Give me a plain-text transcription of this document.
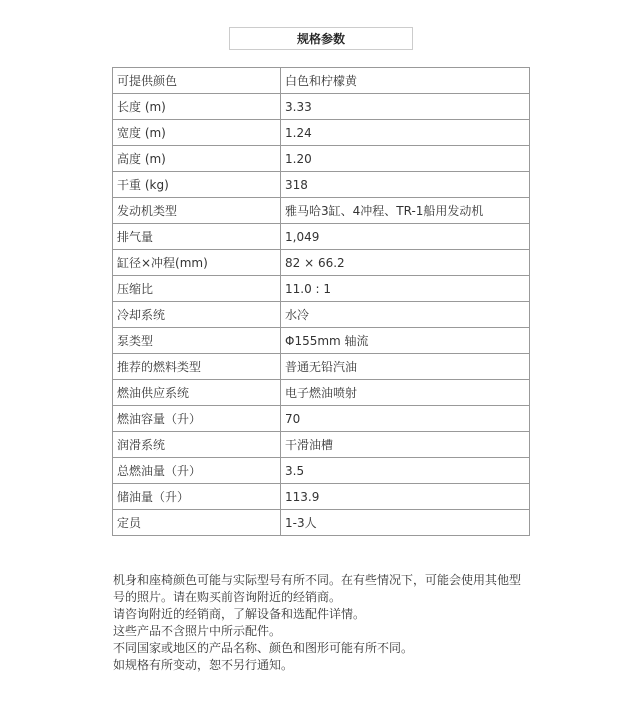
规格参数
可提供颜色	白色和柠檬黄
长度 (m)	3.33
宽度 (m)	1.24
高度 (m)	1.20
干重 (kg)	318
发动机类型	雅马哈3缸、4冲程、TR-1船用发动机
排气量	1,049
缸径×冲程(mm)	82 × 66.2
压缩比	11.0 : 1
冷却系统	水冷
泵类型	Φ155mm 轴流
推荐的燃料类型	普通无铅汽油
燃油供应系统	电子燃油喷射
燃油容量（升）	70
润滑系统	干滑油槽
总燃油量（升）	3.5
储油量（升）	113.9
定员	1-3人
机身和座椅颜色可能与实际型号有所不同。在有些情况下，可能会使用其他型
号的照片。请在购买前咨询附近的经销商。
请咨询附近的经销商，了解设备和选配件详情。
这些产品不含照片中所示配件。
不同国家或地区的产品名称、颜色和图形可能有所不同。
如规格有所变动，恕不另行通知。
